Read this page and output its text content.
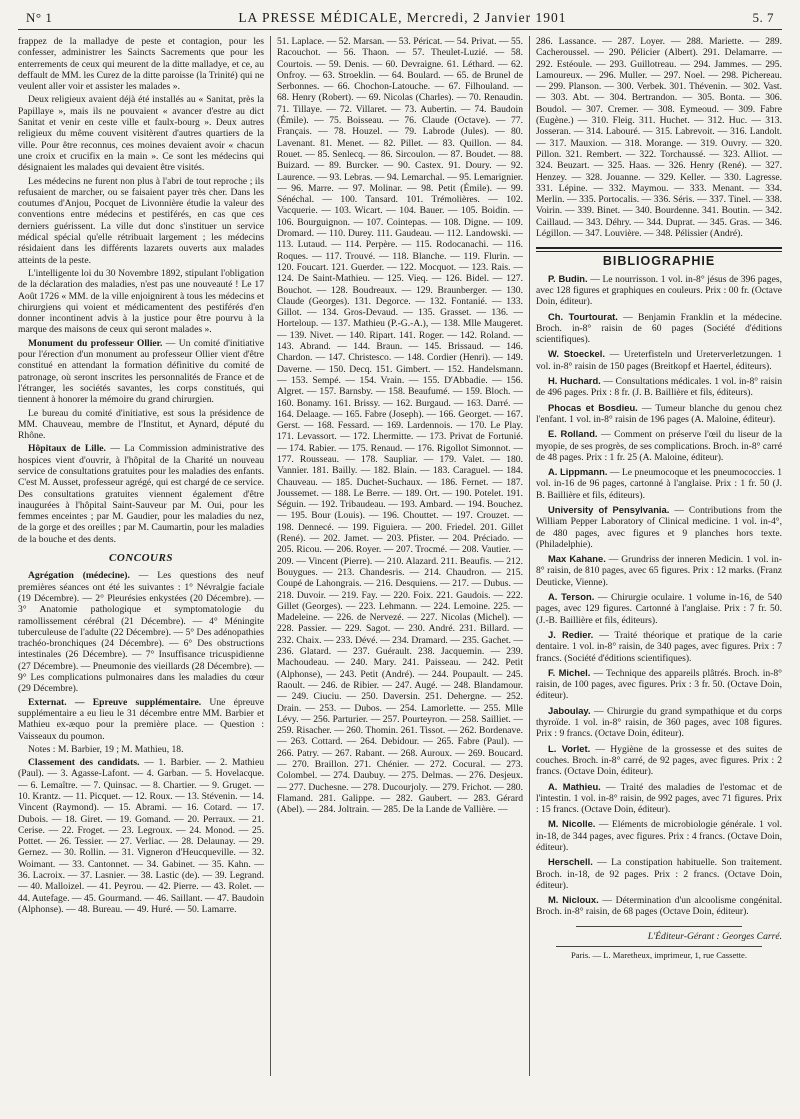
N° 1	LA PRESSE MÉDICALE, Mercredi, 2 Janvier 1901	5. 7

frappez de la malladye de peste et contagion, pour les confesser, administrer les Saincts Sacrements que pour les enterrements de ceux qui meurent de la ditte malladye, et ce, au deffault de MM. les Curez de la ditte paroisse (la Trinité) qui ne veulent aller voir et assister les malades ».

Deux religieux avaient déjà été installés au « Sanitat, près la Papillaye », mais ils ne pouvaient « avancer d'estre au dict Sanitat et venir en ceste ville et faulx-bourg ». Deux autres religieux du même couvent visitèrent d'autres quartiers de la ville. Pour être reconnus, ces moines devaient avoir « chacun une croix et crucifix en la main ». Ce sont les médecins qui désignaient les malades qui devaient être visités.

Les médecins ne furent non plus à l'abri de tout reproche ; ils refusaient de marcher, ou se faisaient payer très cher. Dans les coutumes d'Anjou, Pocquet de Livonnière étudie la valeur des conventions entre médecins et pestiférés, en cas que ces derniers guérissent. La ville dut donc s'instituer un service médical spécial qu'elle rétribuait largement ; les médecins résidaient dans les différents lazarets ouverts aux malades atteints de la peste.

L'intelligente loi du 30 Novembre 1892, stipulant l'obligation de la déclaration des maladies, n'est pas une nouveauté ! Le 17 Août 1726 « MM. de la ville enjoignirent à tous les médecins et chirurgiens qui voient et médicamentent des pestiférés d'en donner incontinent advis à la justice pour être pourvu à la marque des maisons de ceux qui seront malades ».

Monument du professeur Ollier. — Un comité d'initiative pour l'érection d'un monument au professeur Ollier vient d'être constitué en attendant la formation définitive du comité de patronage, où seront inscrites les personnalités de France et de l'étranger, les sociétés savantes, les corps constitués, qui tiennent à honorer la mémoire du grand chirurgien.

Le bureau du comité d'initiative, est sous la présidence de MM. Chauveau, membre de l'Institut, et Aynard, député du Rhône.

Hôpitaux de Lille. — La Commission administrative des hospices vient d'ouvrir, à l'hôpital de la Charité un nouveau service de consultations gratuites pour les maladies des enfants. C'est M. Ausset, professeur agrégé, qui est chargé de ce service. Des consultations gratuites viennent également d'être inaugurées à l'hôpital Saint-Sauveur par M. Oui, pour les femmes enceintes ; par M. Gaudier, pour les maladies du nez, de la gorge et des oreilles ; par M. Caumartin, pour les maladies de la bouche et des dents.

CONCOURS

Agrégation (médecine). — Les questions des neuf premières séances ont été les suivantes : 1° Névralgie faciale (19 Décembre). — 2° Pleurésies enkystées (20 Décembre). — 3° Anatomie pathologique et symptomatologie du ramollissement cérébral (21 Décembre). — 4° Méningite tuberculeuse de l'adulte (22 Décembre). — 5° Des adénopathies trachéo-bronchiques (24 Décembre). — 6° Des obstructions intestinales (26 Décembre). — 7° Insuffisance tricuspidienne (27 Décembre). — Pneumonie des vieillards (28 Décembre). — 9° Les complications pulmonaires dans les maladies du cœur (29 Décembre).

Externat. — Epreuve supplémentaire. Une épreuve supplémentaire a eu lieu le 31 décembre entre MM. Barbier et Mathieu ex-æquo pour la première place. — Question : Vaisseaux du poumon.

Notes : M. Barbier, 19 ; M. Mathieu, 18.

Classement des candidats. — 1. Barbier. — 2. Mathieu (Paul). — 3. Agasse-Lafont. — 4. Garban. — 5. Hovelacque. — 6. Lemaître. — 7. Quinsac. — 8. Chartier. — 9. Gruget. — 10. Krantz. — 11. Picquet. — 12. Roux. — 13. Stévenin. — 14. Vincent (Raymond). — 15. Abrami. — 16. Cotard. — 17. Dubois. — 18. Giret. — 19. Gomand. — 20. Perraux. — 21. Cerise. — 22. Froget. — 23. Legroux. — 24. Monod. — 25. Pottet. — 26. Tessier. — 27. Verliac. — 28. Delaunay. — 29. Gernez. — 30. Rollin. — 31. Vigneron d'Heucqueville. — 32. Woimant. — 33. Cantonnet. — 34. Gabinet. — 35. Kahn. — 36. Lacroix. — 37. Lasnier. — 38. Lastic (de). — 39. Legrand. — 40. Malloizel. — 41. Peyrou. — 42. Pierre. — 43. Rolet. — 44. Autefage. — 45. Gourmand. — 46. Saillant. — 47. Baudoin (Alphonse). — 48. Bureau. — 49. Huré. — 50. Lamarre.

51. Laplace. — 52. Marsan. — 53. Péricat. — 54. Privat. — 55. Racouchot. — 56. Thaon. — 57. Theulet-Luzié. — 58. Courtois. — 59. Denis. — 60. Devraigne. 61. Léthard. — 62. Onfroy. — 63. Stroeklin. — 64. Boulard. — 65. de Brunel de Serbonnes. — 66. Chochon-Latouche. — 67. Filhouland. — 68. Henry (Robert). — 69. Nicolas (Charles). — 70. Renaudin. 71. Tillaye. — 72. Villaret. — 73. Aubertin. — 74. Baudoin (Émile). — 75. Boisseau. — 76. Claude (Octave). — 77. Français. — 78. Houzel. — 79. Labrode (Jules). — 80. Lavenant. 81. Menet. — 82. Pillet. — 83. Quillon. — 84. Rouet. — 85. Senlecq. — 86. Sircoulon. — 87. Boudet. — 88. Buizard. — 89. Burcker. — 90. Castex. 91. Doury. — 92. Laurence. — 93. Lebras. — 94. Lemarchal. — 95. Lemarignier. — 96. Marre. — 97. Molinar. — 98. Petit (Émile). — 99. Sénéchal. — 100. Tansard. 101. Trémolières. — 102. Vacquerie. — 103. Wicart. — 104. Bauer. — 105. Boidin. — 106. Bourguignon. — 107. Cointepas. — 108. Digne. — 109. Dromard. — 110. Durey. 111. Gaudeau. — 112. Landowski. — 113. Lutaud. — 114. Perpère. — 115. Rodocanachi. — 116. Roques. — 117. Trouvé. — 118. Blanche. — 119. Flurin. — 120. Foucart. 121. Guerder. — 122. Mocquot. — 123. Rais. — 124. De Saint-Mathieu. — 125. Vieq. — 126. Bidel. — 127. Bouchot. — 128. Boudreaux. — 129. Braunberger. — 130. Claude (Georges). 131. Degorce. — 132. Fontanié. — 133. Gillot. — 134. Gros-Devaud. — 135. Grasset. — 136. — Horteloup. — 137. Mathieu (P.-G.-A.), — 138. Mlle Maugeret. — 139. Nivet. — 140. Ripart. 141. Roger. — 142. Roland. — 143. Abrand. — 144. Braun. — 145. Brissaud. — 146. Chardon. — 147. Christesco. — 148. Cordier (Henri). — 149. Daverne. — 150. Decq. 151. Gimbert. — 152. Handelsmann. — 153. Sempé. — 154. Vrain. — 155. D'Abbadie. — 156. Algret. — 157. Barnsby. — 158. Beaufumé. — 159. Bloch. — 160. Bonamy. 161. Brissy. — 162. Burgaud. — 163. Darré. — 164. Delaage. — 165. Fabre (Joseph). — 166. Georget. — 167. Gerst. — 168. Fessard. — 169. Lardennois. — 170. Le Play. 171. Levassort. — 172. Lhermitte. — 173. Privat de Fortunié. — 174. Rabier. — 175. Renaud. — 176. Rigollot Simonnot. — 177. Rousseau. — 178. Saupliar. — 179. Valet. — 180. Vannier. 181. Bailly. — 182. Blain. — 183. Caraguel. — 184. Chauveau. — 185. Duchet-Suchaux. — 186. Fernet. — 187. Joussemet. — 188. Le Berre. — 189. Ort. — 190. Potelet. 191. Séguin. — 192. Tribaudeau. — 193. Ambard. — 194. Bouchez. — 195. Bour (Louis). — 196. Chouttet. — 197. Crouzet. — 198. Dennecé. — 199. Figuiera. — 200. Friedel. 201. Gillet (René). — 202. Jamet. — 203. Pfister. — 204. Préciado. — 205. Ricou. — 206. Royer. — 207. Trocmé. — 208. Vautier. — 209. — Vincent (Pierre). — 210. Alazard. 211. Beaufis. — 212. Bouygues. — 213. Chandesris. — 214. Chaudron. — 215. Coupé de Lahongrais. — 216. Desquiens. — 217. — Dubus. — 218. Duvoir. — 219. Fay. — 220. Foix. 221. Gaudois. — 222. Gillet (Georges). — 223. Lehmann. — 224. Lemoine. 225. — Madeleine. — 226. de Nervezé. — 227. Nicolas (Michel). — 228. Passier. — 229. Sagot. — 230. André. 231. Billard. — 232. Chaix. — 233. Dévé. — 234. Dramard. — 235. Gachet. — 236. Glatard. — 237. Guérault. 238. Jacquemin. — 239. Machoudeau. — 240. Mary. 241. Paisseau. — 242. Petit (Alphonse), — 243. Petit (André). — 244. Poupault. — 245. Raoult. — 246. de Ribier. — 247. Augé. — 248. Blandamour. — 249. Ciuciu. — 250. Daversin. 251. Dehergne. — 252. Drain. — 253. — Dubos. — 254. Lamorlette. — 255. Mlle Lévy. — 256. Parturier. — 257. Pourteyron. — 258. Sailliet. — 259. Risacher. — 260. Thomin. 261. Tissot. — 262. Bordenave. — 263. Cottard. — 264. Debidour. — 265. Fabre (Paul). — 266. Patry. — 267. Rabant. — 268. Auroux. — 269. Boucard. — 270. Braillon. 271. Chénier. — 272. Cocural. — 273. Colombel. — 274. Daubuy. — 275. Delmas. — 276. Desjeux. — 277. Duchesne. — 278. Ducourjoly. — 279. Frichot. — 280. Flamand. 281. Galippe. — 282. Gaubert. — 283. Gérard (Abel). — 284. Joltrain. — 285. De la Lande de Vallière. —

286. Lassance. — 287. Loyer. — 288. Mariette. — 289. Cacheroussel. — 290. Pélicier (Albert). 291. Delamarre. — 292. Estéoule. — 293. Guillotreau. — 294. Jammes. — 295. Lamoureux. — 296. Muller. — 297. Noel. — 298. Pichereau. — 299. Planson. — 300. Verbek. 301. Thévenin. — 302. Vast. — 303. Abt. — 304. Bertrandon. — 305. Bonta. — 306. Boudol. — 307. Cremer. — 308. Eymeoud. — 309. Fabre (Eugène.) — 310. Fleig. 311. Huchet. — 312. Huc. — 313. Josseran. — 314. Labouré. — 315. Labrevoit. — 316. Landolt. — 317. Mauxion. — 318. Morange. — 319. Ouvry. — 320. Pillon. 321. Rembert. — 322. Torchaussé. — 323. Alliot. — 324. Beuzart. — 325. Haas. — 326. Henry (René). — 327. Henzey. — 328. Jouanne. — 329. Keller. — 330. Lagresse. 331. Lépine. — 332. Maymou. — 333. Menant. — 334. Merlin. — 335. Portocalis. — 336. Séris. — 337. Tinel. — 338. Voirin. — 339. Binet. — 340. Bourdenne. 341. Boutin. — 342. Caillaud. — 343. Déhry. — 344. Duprat. — 345. Gras. — 346. Légillon. — 347. Louvière. — 348. Pélissier (André).

BIBLIOGRAPHIE

P. Budin. — Le nourrisson. 1 vol. in-8° jésus de 396 pages, avec 128 figures et graphiques en couleurs. Prix : 00 fr. (Octave Doin, éditeur).

Ch. Tourtourat. — Benjamin Franklin et la médecine. Broch. in-8° raisin de 60 pages (Société d'éditions scientifiques).

W. Stoeckel. — Ureterfisteln und Ureterverletzungen. 1 vol. in-8° raisin de 150 pages (Breitkopf et Haertel, éditeurs).

H. Huchard. — Consultations médicales. 1 vol. in-8° raisin de 496 pages. Prix : 8 fr. (J. B. Baillière et fils, éditeurs).

Phocas et Bosdieu. — Tumeur blanche du genou chez l'enfant. 1 vol. in-8° raisin de 196 pages (A. Maloine, éditeur).

E. Rolland. — Comment on préserve l'œil du liseur de la myopie, de ses progrès, de ses complications. Broch. in-8° carré de 48 pages. Prix : 1 fr. 25 (A. Maloine, éditeur).

A. Lippmann. — Le pneumocoque et les pneumococcies. 1 vol. in-16 de 96 pages, cartonné à l'anglaise. Prix : 1 fr. 50 (J. B. Baillière et fils, éditeurs).

University of Pensylvania. — Contributions from the William Pepper Laboratory of Clinical medicine. 1 vol. in-4°, de 480 pages, avec figures et 9 planches hors texte. (Philadelphie).

Max Kahane. — Grundriss der inneren Medicin. 1 vol. in-8° raisin, de 810 pages, avec 65 figures. Prix : 12 marks. (Franz Deuticke, Vienne).

A. Terson. — Chirurgie oculaire. 1 volume in-16, de 540 pages, avec 129 figures. Cartonné à l'anglaise. Prix : 7 fr. 50. (J.-B. Baillière et fils, éditeurs).

J. Redier. — Traité théorique et pratique de la carie dentaire. 1 vol. in-8° raisin, de 340 pages, avec figures. Prix : 7 francs. (Société d'éditions scientifiques).

F. Michel. — Technique des appareils plâtrés. Broch. in-8° raisin, de 100 pages, avec figures. Prix : 3 fr. 50. (Octave Doin, éditeur).

Jaboulay. — Chirurgie du grand sympathique et du corps thyroïde. 1 vol. in-8° raisin, de 360 pages, avec 108 figures. Prix : 9 francs. (Octave Doin, éditeur).

L. Vorlet. — Hygiène de la grossesse et des suites de couches. Broch. in-8° carré, de 92 pages, avec figures. Prix : 2 francs. (Octave Doin, éditeur).

A. Mathieu. — Traité des maladies de l'estomac et de l'intestin. 1 vol. in-8° raisin, de 992 pages, avec 71 figures. Prix : 15 francs. (Octave Doin, éditeur).

M. Nicolle. — Eléments de microbiologie générale. 1 vol. in-18, de 344 pages, avec figures. Prix : 4 francs. (Octave Doin, éditeur).

Herschell. — La constipation habituelle. Son traitement. Broch. in-18, de 92 pages. Prix : 2 francs. (Octave Doin, éditeur).

M. Nicloux. — Détermination d'un alcoolisme congénital. Broch. in-8° raisin, de 68 pages (Octave Doin, éditeur).

L'Éditeur-Gérant : Georges Carré.
Paris. — L. Maretheux, imprimeur, 1, rue Cassette.
